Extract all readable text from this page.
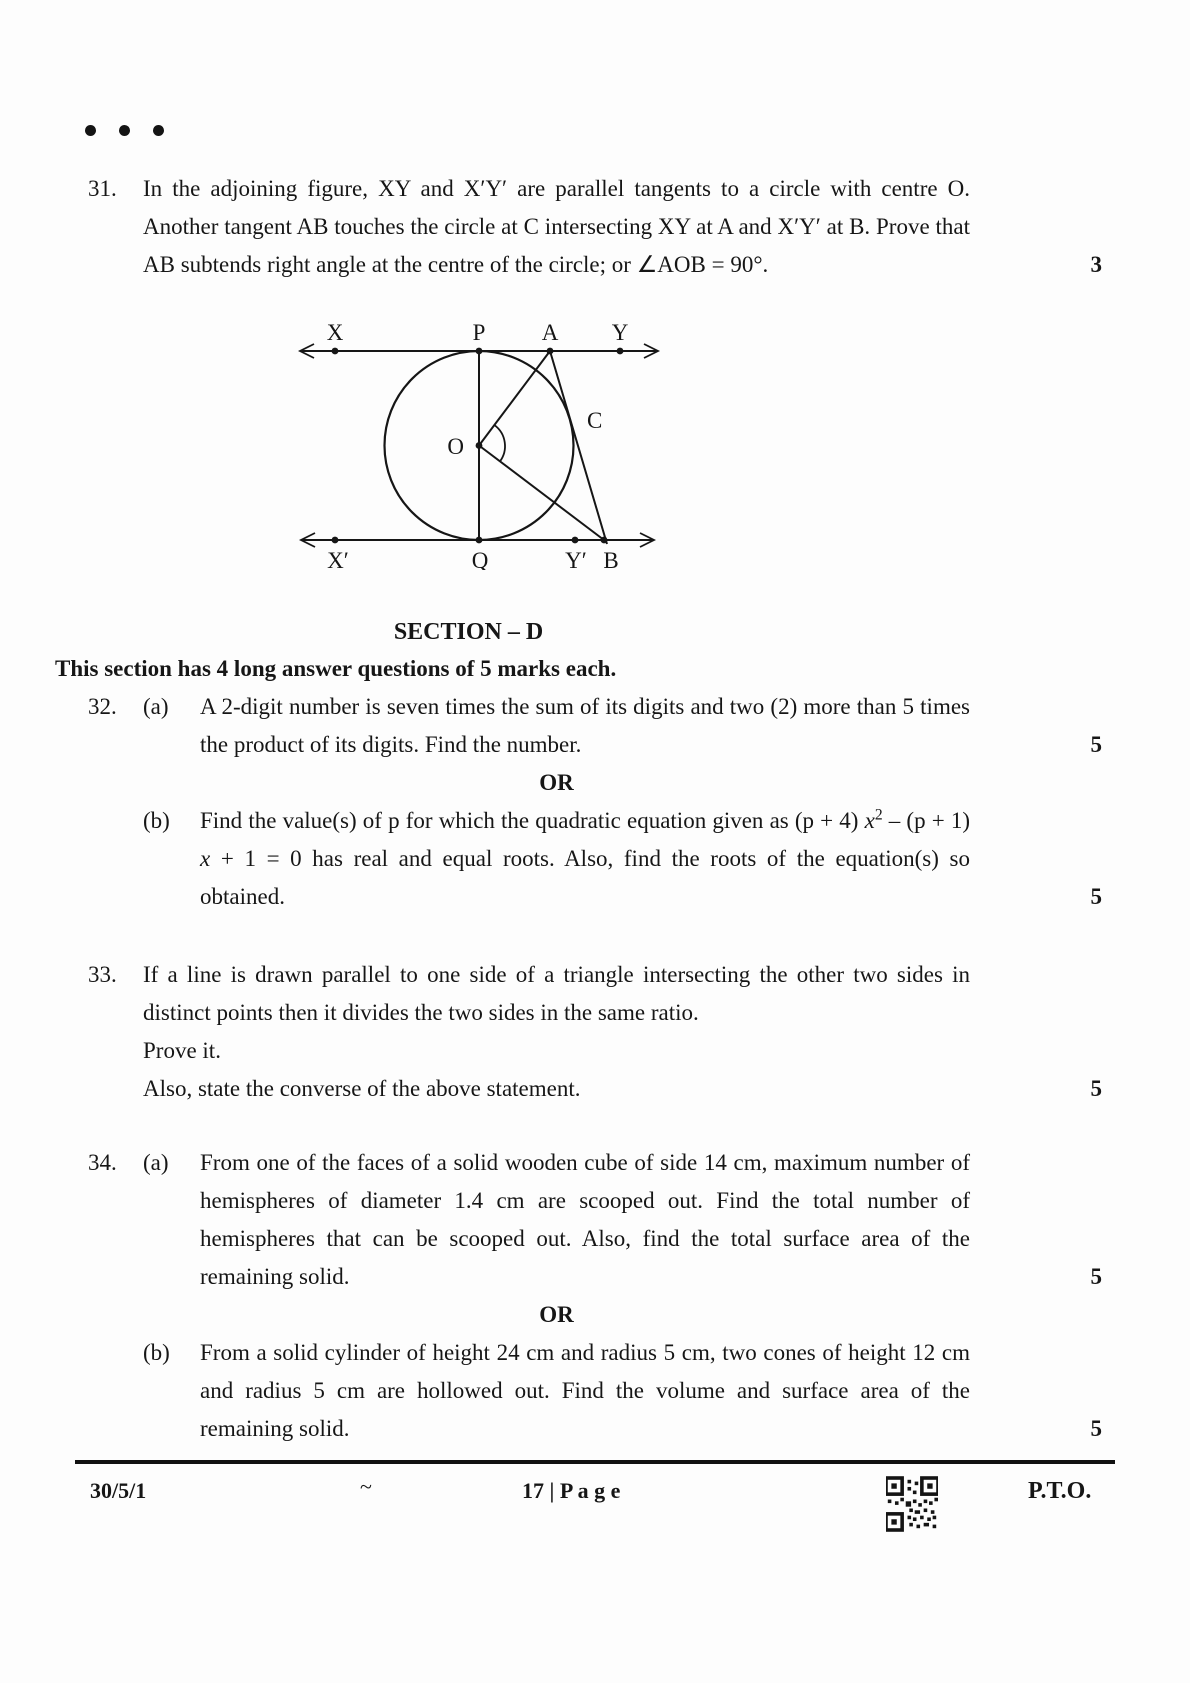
31.	In the adjoining figure, XY and X′Y′ are parallel tangents to a circle with centre O. Another tangent AB touches the circle at C intersecting XY at A and X′Y′ at B. Prove that AB subtends right angle at the centre of the circle; or ∠AOB = 90°.	3
X	P A Y
X′	Q	Y′ B
O
C
SECTION – D
This section has 4 long answer questions of 5 marks each.
32.	(a)	A 2-digit number is seven times the sum of its digits and two (2) more than 5 times the product of its digits. Find the number.	5
OR
(b)	Find the value(s) of p for which the quadratic equation given as (p + 4) $x^2 - (p + 1) x + 1 = 0$ has real and equal roots. Also, find the roots of the equation(s) so obtained.	5
33.	If a line is drawn parallel to one side of a triangle intersecting the other two sides in distinct points then it divides the two sides in the same ratio.
Prove it.
Also, state the converse of the above statement.	5
34.	(a)	From one of the faces of a solid wooden cube of side 14 cm, maximum number of hemispheres of diameter 1.4 cm are scooped out. Find the total number of hemispheres that can be scooped out. Also, find the total surface area of the remaining solid.	5
OR
(b)	From a solid cylinder of height 24 cm and radius 5 cm, two cones of height 12 cm and radius 5 cm are hollowed out. Find the volume and surface area of the remaining solid.	5
30/5/1	~	17 | P a g e	P.T.O.
